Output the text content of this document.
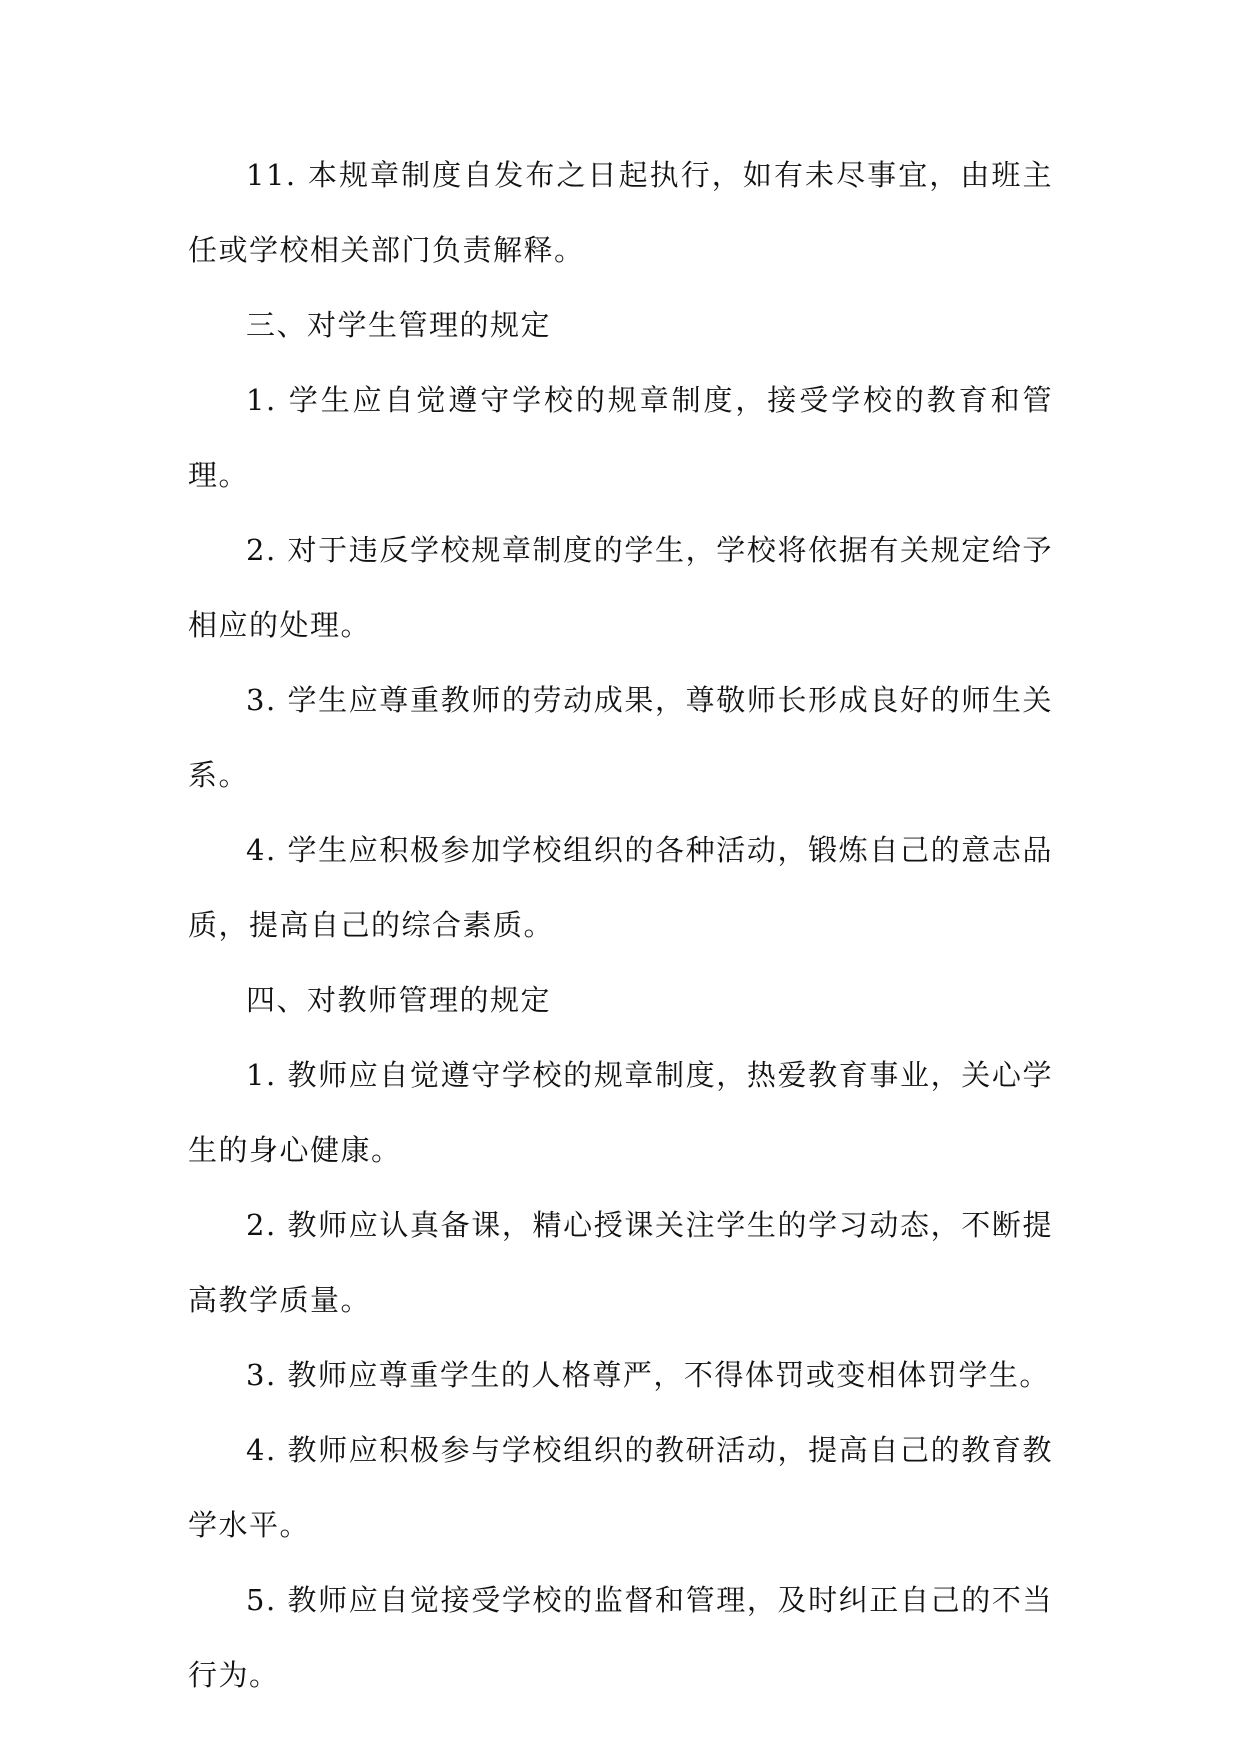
11. 本规章制度自发布之日起执行，如有未尽事宜，由班主任或学校相关部门负责解释。

三、对学生管理的规定

1. 学生应自觉遵守学校的规章制度，接受学校的教育和管理。

2. 对于违反学校规章制度的学生，学校将依据有关规定给予相应的处理。

3. 学生应尊重教师的劳动成果，尊敬师长形成良好的师生关系。

4. 学生应积极参加学校组织的各种活动，锻炼自己的意志品质，提高自己的综合素质。

四、对教师管理的规定

1. 教师应自觉遵守学校的规章制度，热爱教育事业，关心学生的身心健康。

2. 教师应认真备课，精心授课关注学生的学习动态，不断提高教学质量。

3. 教师应尊重学生的人格尊严，不得体罚或变相体罚学生。

4. 教师应积极参与学校组织的教研活动，提高自己的教育教学水平。

5. 教师应自觉接受学校的监督和管理，及时纠正自己的不当行为。
